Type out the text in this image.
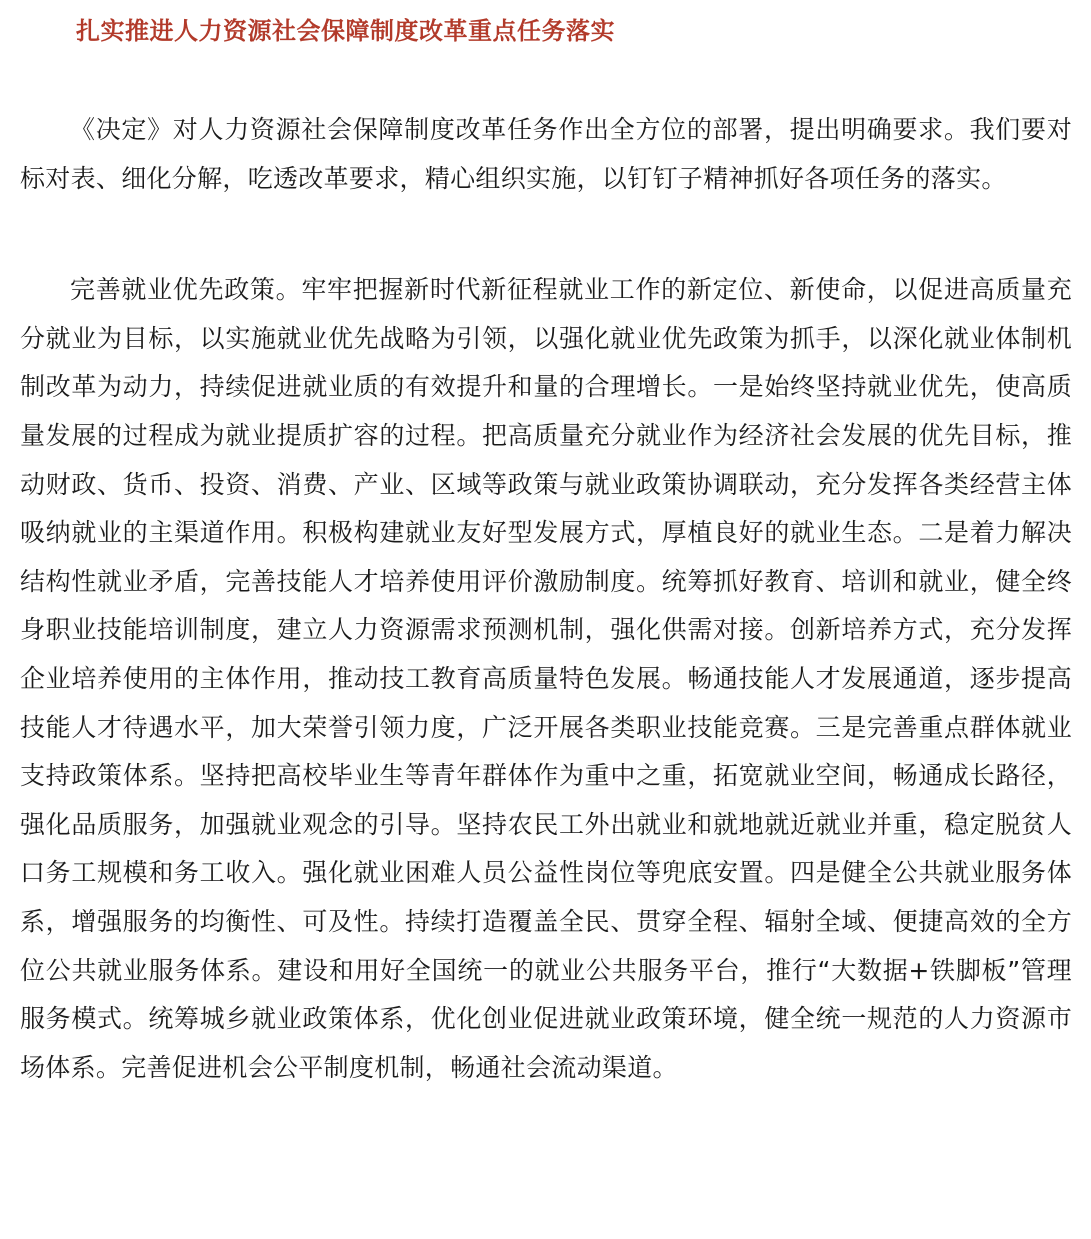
扎实推进人力资源社会保障制度改革重点任务落实

《决定》对人力资源社会保障制度改革任务作出全方位的部署，提出明确要求。我们要对标对表、细化分解，吃透改革要求，精心组织实施，以钉钉子精神抓好各项任务的落实。

完善就业优先政策。牢牢把握新时代新征程就业工作的新定位、新使命，以促进高质量充分就业为目标，以实施就业优先战略为引领，以强化就业优先政策为抓手，以深化就业体制机制改革为动力，持续促进就业质的有效提升和量的合理增长。一是始终坚持就业优先，使高质量发展的过程成为就业提质扩容的过程。把高质量充分就业作为经济社会发展的优先目标，推动财政、货币、投资、消费、产业、区域等政策与就业政策协调联动，充分发挥各类经营主体吸纳就业的主渠道作用。积极构建就业友好型发展方式，厚植良好的就业生态。二是着力解决结构性就业矛盾，完善技能人才培养使用评价激励制度。统筹抓好教育、培训和就业，健全终身职业技能培训制度，建立人力资源需求预测机制，强化供需对接。创新培养方式，充分发挥企业培养使用的主体作用，推动技工教育高质量特色发展。畅通技能人才发展通道，逐步提高技能人才待遇水平，加大荣誉引领力度，广泛开展各类职业技能竞赛。三是完善重点群体就业支持政策体系。坚持把高校毕业生等青年群体作为重中之重，拓宽就业空间，畅通成长路径，强化品质服务，加强就业观念的引导。坚持农民工外出就业和就地就近就业并重，稳定脱贫人口务工规模和务工收入。强化就业困难人员公益性岗位等兜底安置。四是健全公共就业服务体系，增强服务的均衡性、可及性。持续打造覆盖全民、贯穿全程、辐射全域、便捷高效的全方位公共就业服务体系。建设和用好全国统一的就业公共服务平台，推行“大数据+铁脚板”管理服务模式。统筹城乡就业政策体系，优化创业促进就业政策环境，健全统一规范的人力资源市场体系。完善促进机会公平制度机制，畅通社会流动渠道。
